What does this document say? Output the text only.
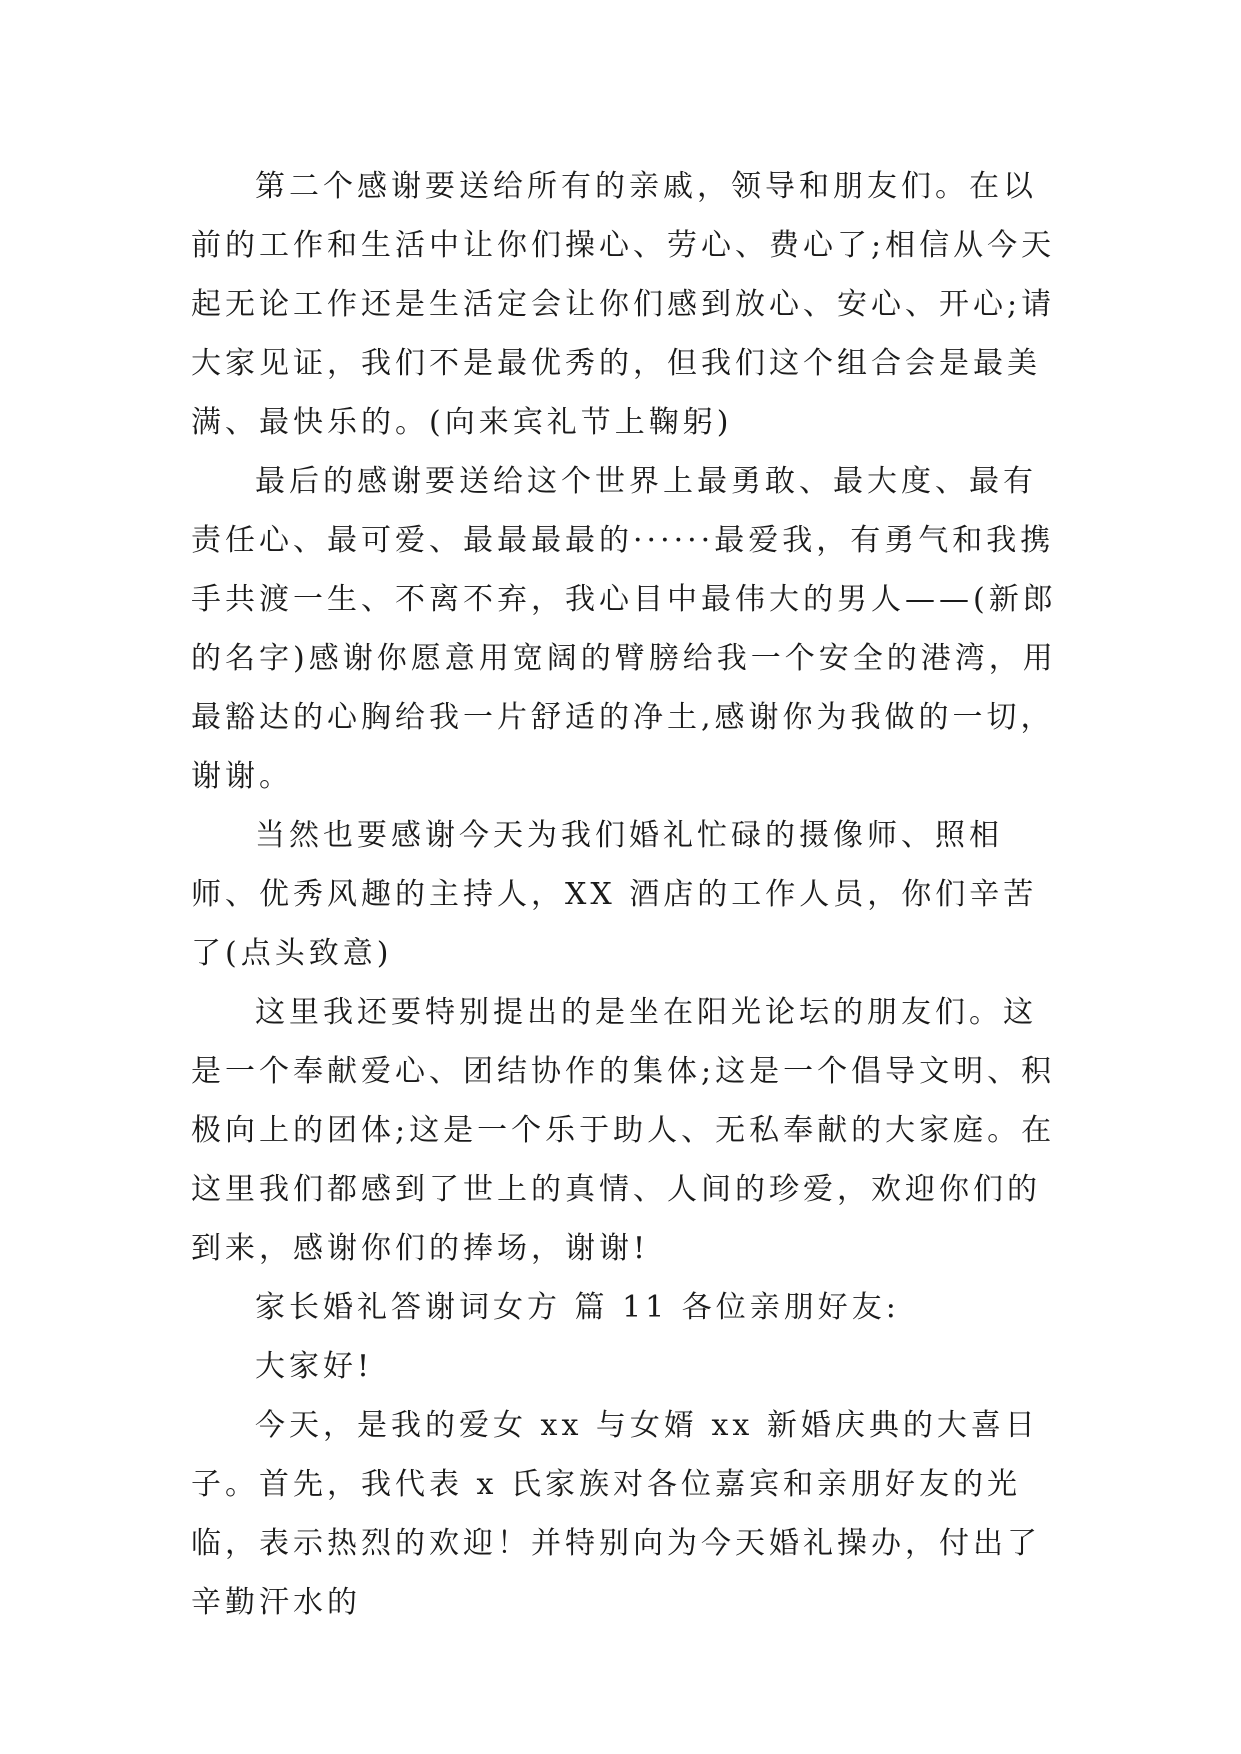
第二个感谢要送给所有的亲戚，领导和朋友们。在以前的工作和生活中让你们操心、劳心、费心了;相信从今天起无论工作还是生活定会让你们感到放心、安心、开心;请大家见证，我们不是最优秀的，但我们这个组合会是最美满、最快乐的。(向来宾礼节上鞠躬)

最后的感谢要送给这个世界上最勇敢、最大度、最有责任心、最可爱、最最最最的······最爱我，有勇气和我携手共渡一生、不离不弃，我心目中最伟大的男人——(新郎的名字)感谢你愿意用宽阔的臂膀给我一个安全的港湾，用最豁达的心胸给我一片舒适的净土,感谢你为我做的一切，谢谢。

当然也要感谢今天为我们婚礼忙碌的摄像师、照相师、优秀风趣的主持人，XX 酒店的工作人员，你们辛苦了(点头致意)

这里我还要特别提出的是坐在阳光论坛的朋友们。这是一个奉献爱心、团结协作的集体;这是一个倡导文明、积极向上的团体;这是一个乐于助人、无私奉献的大家庭。在这里我们都感到了世上的真情、人间的珍爱，欢迎你们的到来，感谢你们的捧场，谢谢!

家长婚礼答谢词女方 篇 11 各位亲朋好友:

大家好!

今天，是我的爱女 xx 与女婿 xx 新婚庆典的大喜日子。首先，我代表 x 氏家族对各位嘉宾和亲朋好友的光临，表示热烈的欢迎！并特别向为今天婚礼操办，付出了辛勤汗水的
